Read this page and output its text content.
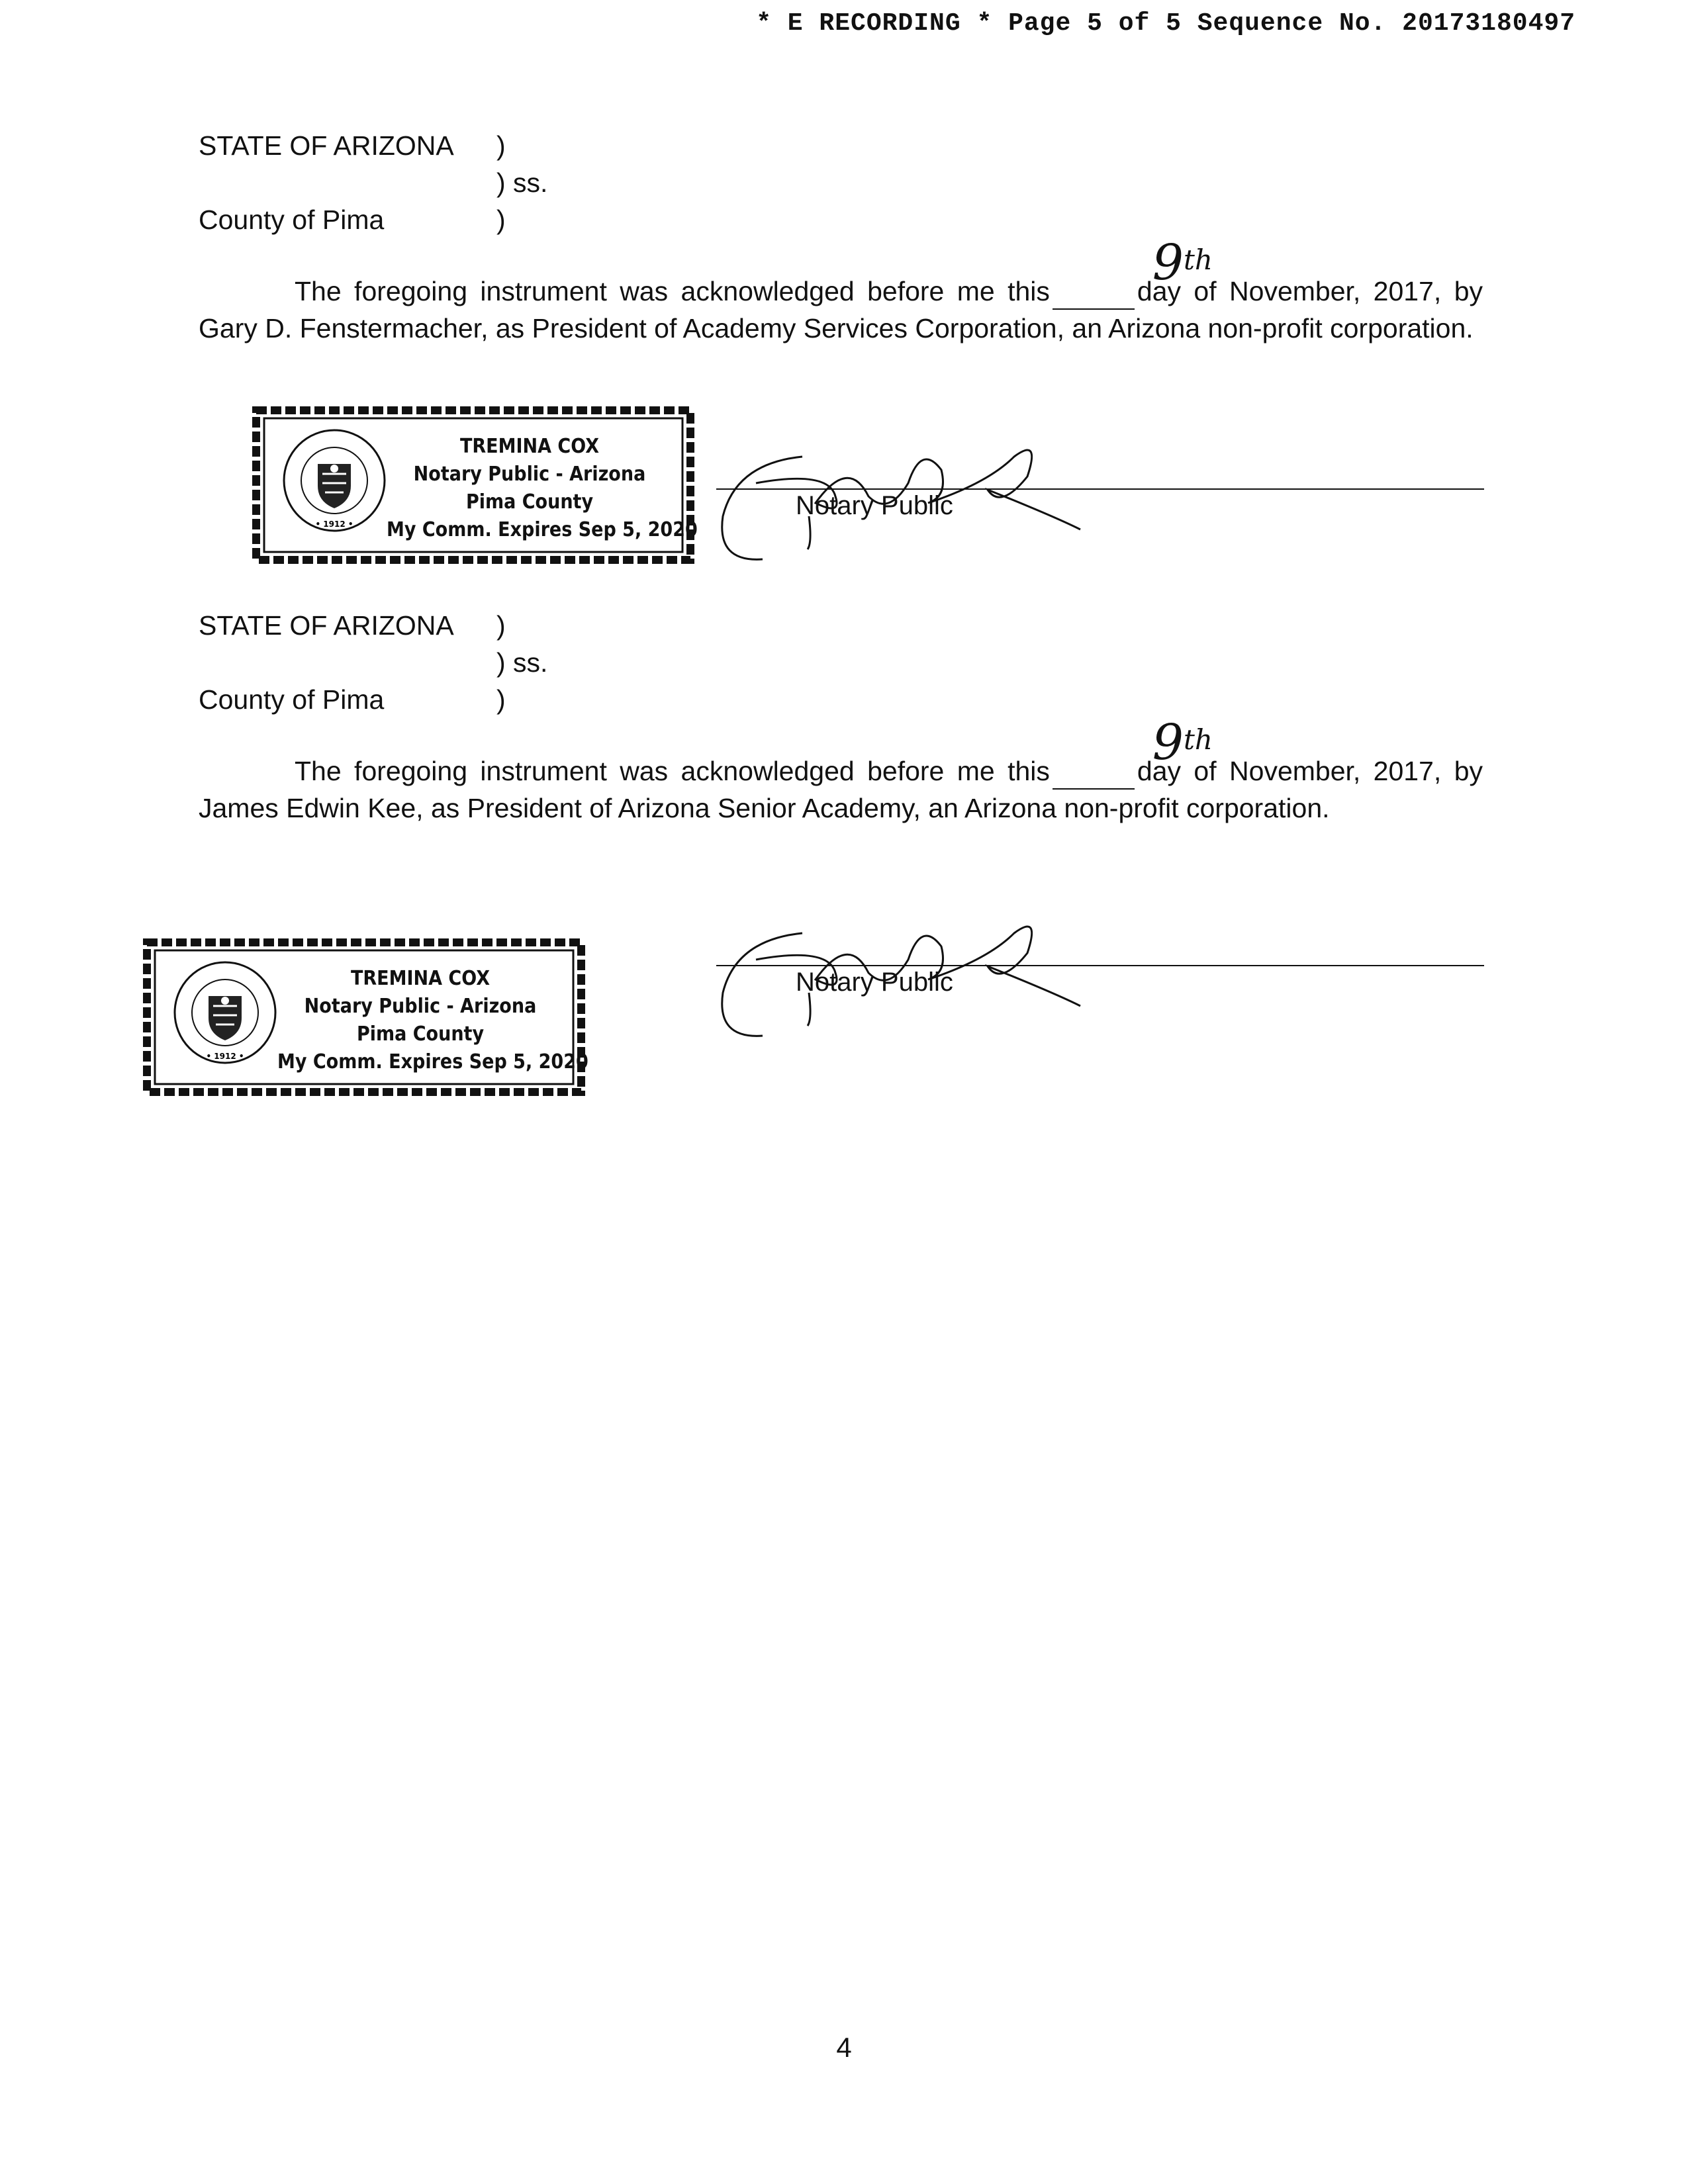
* E RECORDING * Page 5 of 5 Sequence No. 20173180497
STATE OF ARIZONA )
) ss.
County of Pima	)

The foregoing instrument was acknowledged before me this	9th
day of November, 2017, by Gary D. Fenstermacher, as President of Academy Services Corporation, an Arizona non-profit corporation.

• 1912 •
TREMINA COX
Notary Public - Arizona
Pima County
My Comm. Expires Sep 5, 2020
Notary Public
STATE OF ARIZONA )
) ss.
County of Pima	)

The foregoing instrument was acknowledged before me this	9th
day of November, 2017, by James Edwin Kee, as President of Arizona Senior Academy, an Arizona non-profit corporation.

• 1912 •
TREMINA COX
Notary Public - Arizona
Pima County
My Comm. Expires Sep 5, 2020
Notary Public
4
